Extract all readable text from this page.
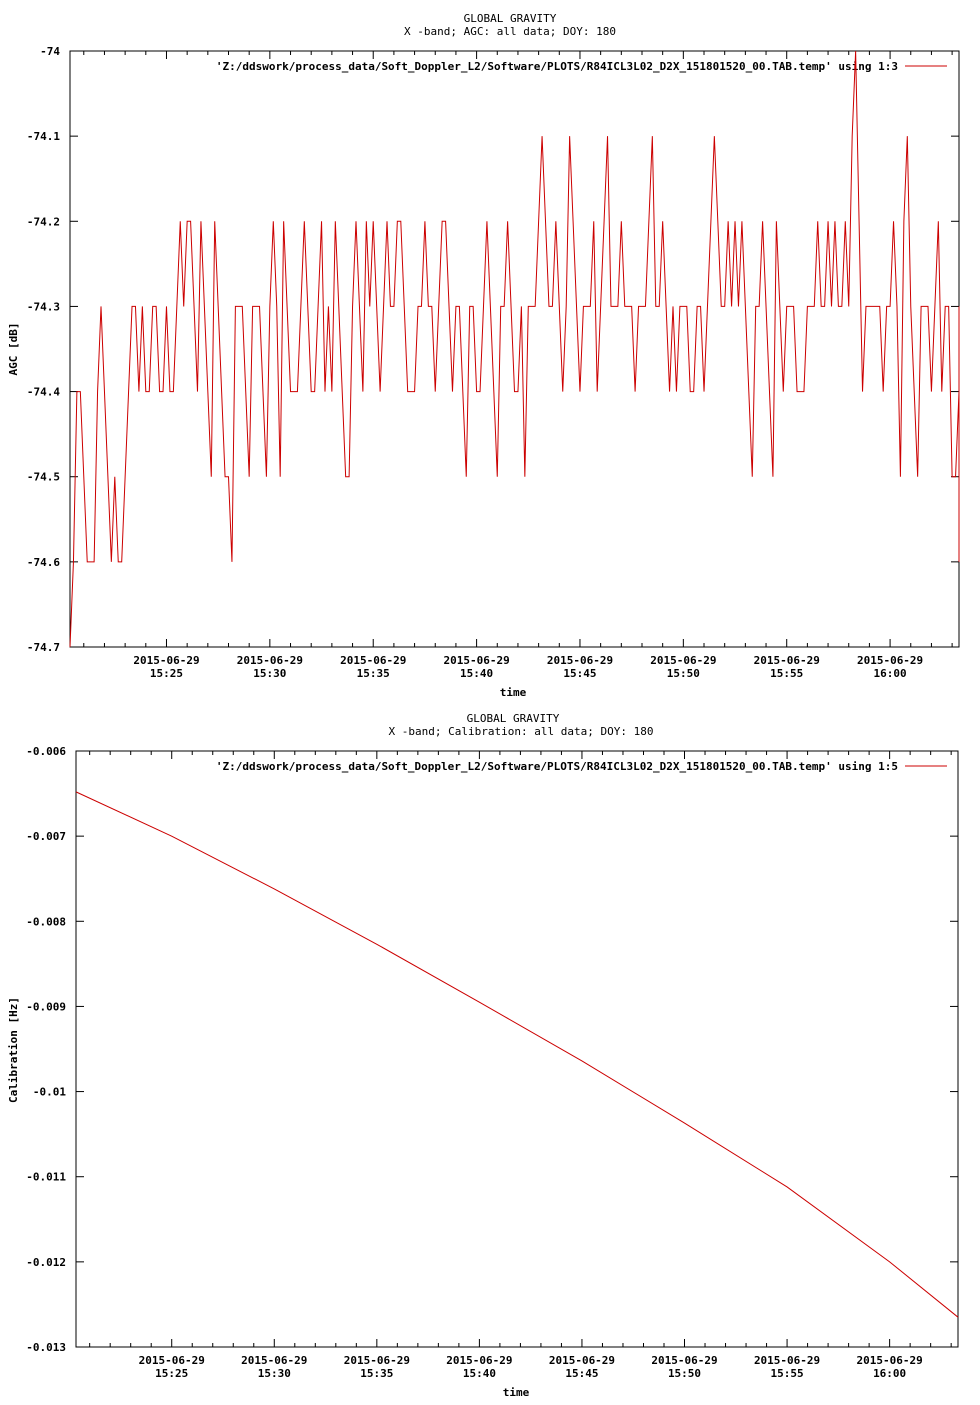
GLOBAL GRAVITY
X -band; AGC: all data; DOY: 180
-74
-74.1
-74.2
-74.3
-74.4
-74.5
-74.6
-74.7
2015-06-29
15:25
2015-06-29
15:30
2015-06-29
15:35
2015-06-29
15:40
2015-06-29
15:45
2015-06-29
15:50
2015-06-29
15:55
2015-06-29
16:00
AGC [dB]
time
'Z:/ddswork/process_data/Soft_Doppler_L2/Software/PLOTS/R84ICL3L02_D2X_151801520_00.TAB.temp' using 1:3
GLOBAL GRAVITY
X -band; Calibration: all data; DOY: 180
-0.006
-0.007
-0.008
-0.009
-0.01
-0.011
-0.012
-0.013
2015-06-29
15:25
2015-06-29
15:30
2015-06-29
15:35
2015-06-29
15:40
2015-06-29
15:45
2015-06-29
15:50
2015-06-29
15:55
2015-06-29
16:00
Calibration [Hz]
time
'Z:/ddswork/process_data/Soft_Doppler_L2/Software/PLOTS/R84ICL3L02_D2X_151801520_00.TAB.temp' using 1:5
